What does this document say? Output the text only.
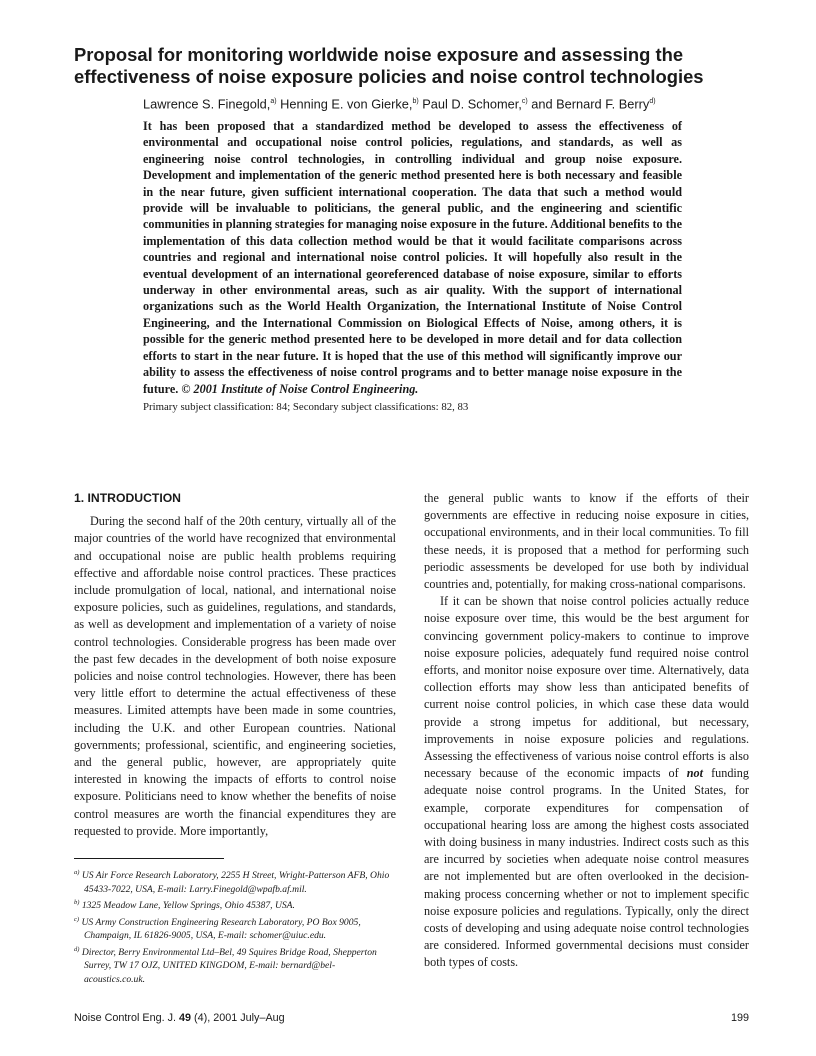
Proposal for monitoring worldwide noise exposure and assessing the effectiveness of noise exposure policies and noise control technologies
Lawrence S. Finegold,$^{a)}$ Henning E. von Gierke,$^{b)}$ Paul D. Schomer,$^{c)}$ and Bernard F. Berry$^{d)}$

It has been proposed that a standardized method be developed to assess the effectiveness of environmental and occupational noise control policies, regulations, and standards, as well as engineering noise control technologies, in controlling individual and group noise exposure. Development and implementation of the generic method presented here is both necessary and feasible in the near future, given sufficient international cooperation. The data that such a method would provide will be invaluable to politicians, the general public, and the engineering and scientific communities in planning strategies for managing noise exposure in the future. Additional benefits to the implementation of this data collection method would be that it would facilitate comparisons across countries and regional and international noise control policies. It will hopefully also result in the eventual development of an international georeferenced database of noise exposure, similar to efforts underway in other environmental areas, such as air quality. With the support of international organizations such as the World Health Organization, the International Institute of Noise Control Engineering, and the International Commission on Biological Effects of Noise, among others, it is possible for the generic method presented here to be developed in more detail and for data collection efforts to start in the near future. It is hoped that the use of this method will significantly improve our ability to assess the effectiveness of noise control programs and to better manage noise exposure in the future. © 2001 Institute of Noise Control Engineering.

Primary subject classification: 84; Secondary subject classifications: 82, 83
1. INTRODUCTION

During the second half of the 20th century, virtually all of the major countries of the world have recognized that environmental and occupational noise are public health problems requiring effective and affordable noise control practices. These practices include promulgation of local, national, and international noise exposure policies, such as guidelines, regulations, and standards, as well as development and implementation of a variety of noise control technologies. Considerable progress has been made over the past few decades in the development of both noise exposure policies and noise control technologies. However, there has been very little effort to determine the actual effectiveness of these measures. Limited attempts have been made in some countries, including the U.K. and other European countries. National governments; professional, scientific, and engineering societies, and the general public, however, are appropriately quite interested in knowing the impacts of efforts to control noise exposure. Politicians need to know whether the benefits of noise control measures are worth the financial expenditures they are requested to provide. More importantly,

the general public wants to know if the efforts of their governments are effective in reducing noise exposure in cities, occupational environments, and in their local communities. To fill these needs, it is proposed that a method for performing such periodic assessments be developed for use both by individual countries and, potentially, for making cross-national comparisons.

If it can be shown that noise control policies actually reduce noise exposure over time, this would be the best argument for convincing government policy-makers to continue to improve noise exposure policies, adequately fund required noise control efforts, and monitor noise exposure over time. Alternatively, data collection efforts may show less than anticipated benefits of current noise control policies, in which case these data would provide a strong impetus for additional, but necessary, improvements in noise exposure policies and regulations. Assessing the effectiveness of various noise control efforts is also necessary because of the economic impacts of not funding adequate noise control programs. In the United States, for example, corporate expenditures for compensation of occupational hearing loss are among the highest costs associated with doing business in many industries. Indirect costs such as this are incurred by societies when adequate noise control measures are not implemented but are often overlooked in the decision-making process concerning whether or not to implement specific noise exposure policies and regulations. Typically, only the direct costs of developing and using adequate noise control technologies are considered. Informed governmental decisions must consider both types of costs.

$^{a)}$ US Air Force Research Laboratory, 2255 H Street, Wright-Patterson AFB, Ohio 45433-7022, USA, E-mail: Larry.Finegold@wpafb.af.mil.

$^{b)}$ 1325 Meadow Lane, Yellow Springs, Ohio 45387, USA.

$^{c)}$ US Army Construction Engineering Research Laboratory, PO Box 9005, Champaign, IL 61826-9005, USA, E-mail: schomer@uiuc.edu.

$^{d)}$ Director, Berry Environmental Ltd–Bel, 49 Squires Bridge Road, Shepperton Surrey, TW 17 OJZ, UNITED KINGDOM, E-mail: bernard@bel-acoustics.co.uk.

Noise Control Eng. J. 49 (4), 2001 July–Aug	199
